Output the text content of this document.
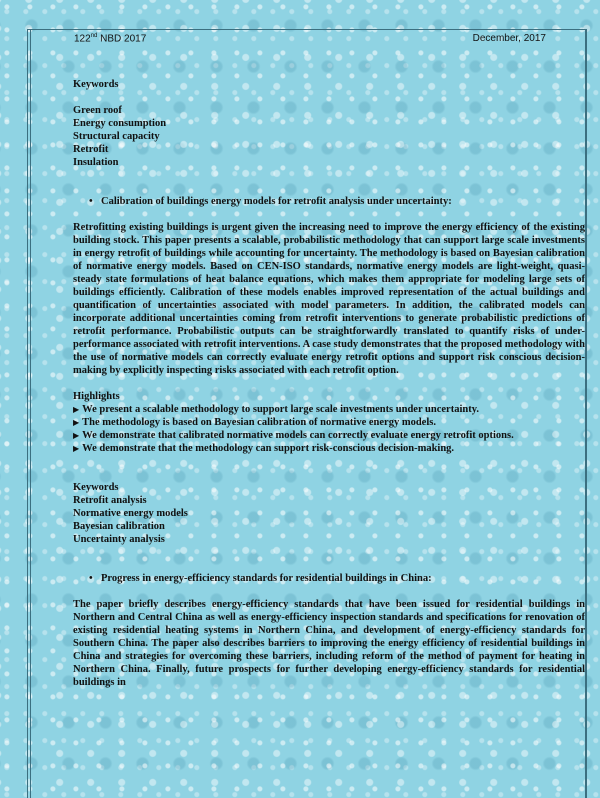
122nd NBD 2017	December, 2017

Keywords

Green roof
Energy consumption
Structural capacity
Retrofit
Insulation

• Calibration of buildings energy models for retrofit analysis under uncertainty:

Retrofitting existing buildings is urgent given the increasing need to improve the energy efficiency of the existing building stock. This paper presents a scalable, probabilistic methodology that can support large scale investments in energy retrofit of buildings while accounting for uncertainty. The methodology is based on Bayesian calibration of normative energy models. Based on CEN-ISO standards, normative energy models are light-weight, quasi-steady state formulations of heat balance equations, which makes them appropriate for modeling large sets of buildings efficiently. Calibration of these models enables improved representation of the actual buildings and quantification of uncertainties associated with model parameters. In addition, the calibrated models can incorporate additional uncertainties coming from retrofit interventions to generate probabilistic predictions of retrofit performance. Probabilistic outputs can be straightforwardly translated to quantify risks of under-performance associated with retrofit interventions. A case study demonstrates that the proposed methodology with the use of normative models can correctly evaluate energy retrofit options and support risk conscious decision-making by explicitly inspecting risks associated with each retrofit option.

Highlights

▶ We present a scalable methodology to support large scale investments under uncertainty.
▶ The methodology is based on Bayesian calibration of normative energy models.
▶ We demonstrate that calibrated normative models can correctly evaluate energy retrofit options.
▶ We demonstrate that the methodology can support risk-conscious decision-making.

Keywords

Retrofit analysis
Normative energy models
Bayesian calibration
Uncertainty analysis

• Progress in energy-efficiency standards for residential buildings in China:

The paper briefly describes energy-efficiency standards that have been issued for residential buildings in Northern and Central China as well as energy-efficiency inspection standards and specifications for renovation of existing residential heating systems in Northern China, and development of energy-efficiency standards for Southern China. The paper also describes barriers to improving the energy efficiency of residential buildings in China and strategies for overcoming these barriers, including reform of the method of payment for heating in Northern China. Finally, future prospects for further developing energy-efficiency standards for residential buildings in
